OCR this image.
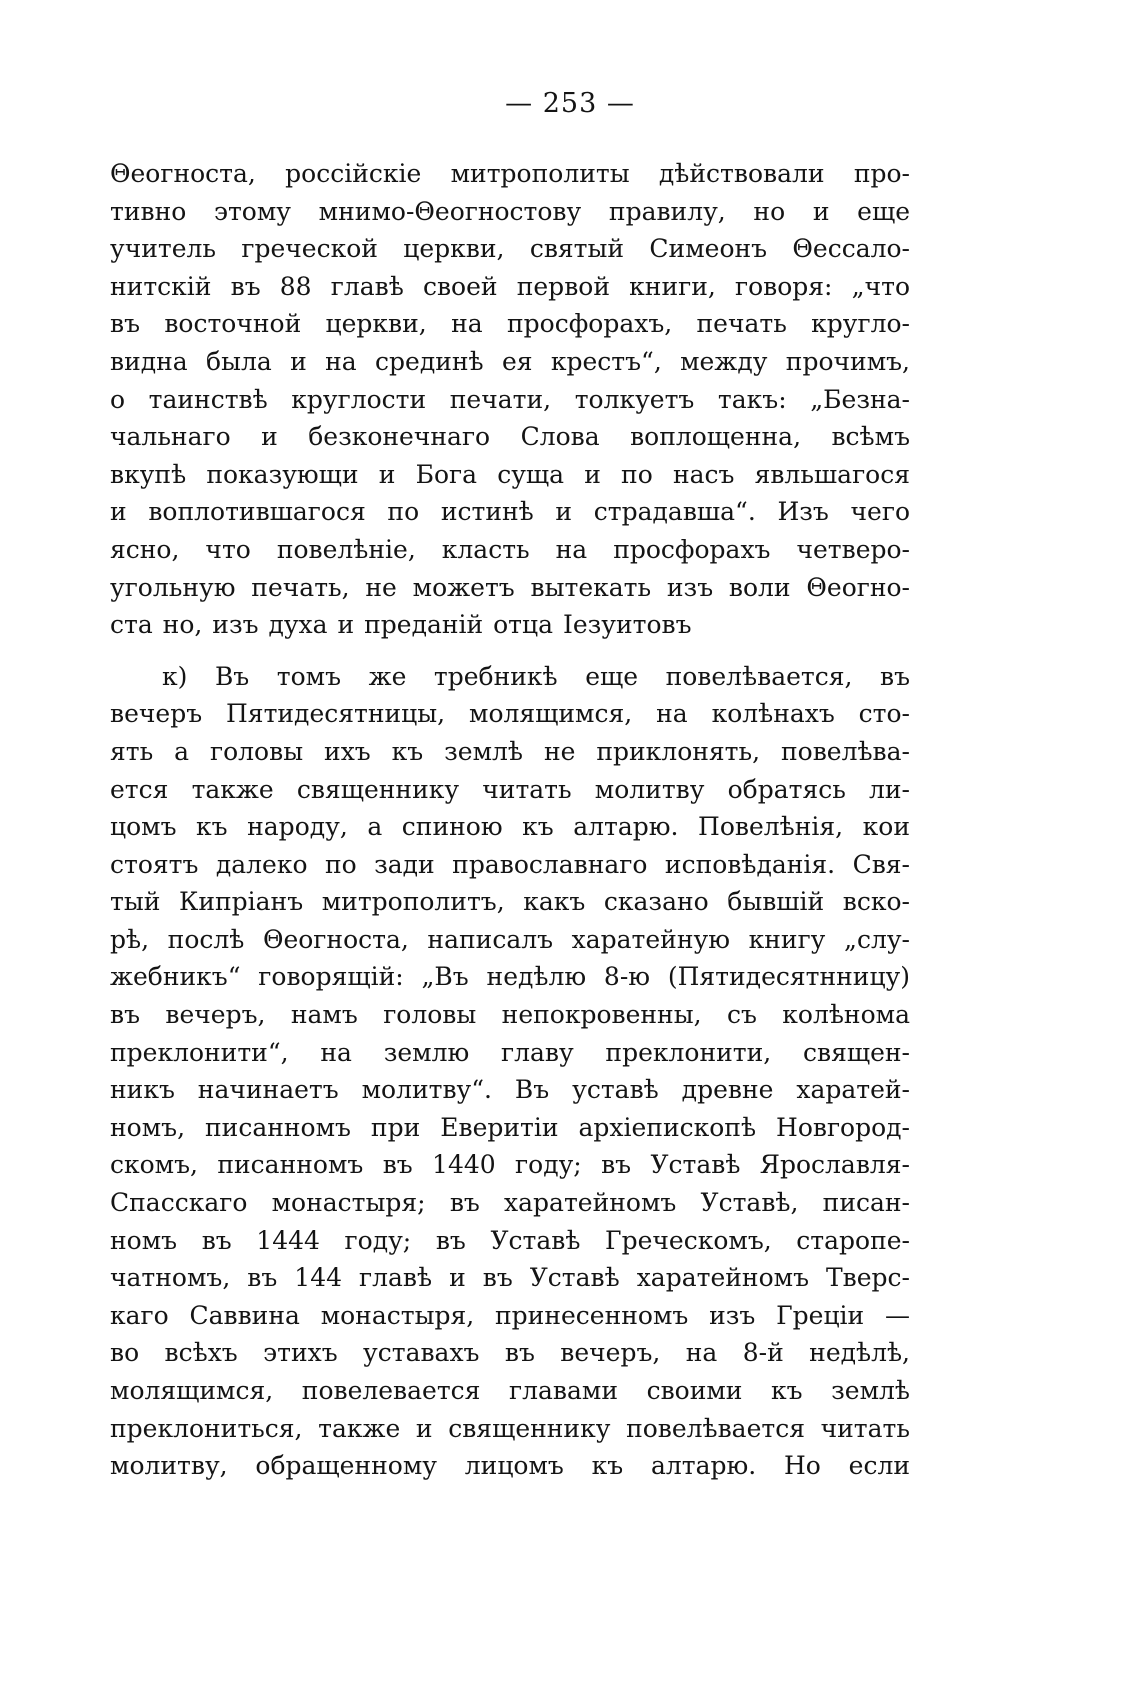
— 253 —
Θеогноста, россійскіе митрополиты дѣйствовали про-
тивно этому мнимо-Θеогностову правилу, но и еще
учитель греческой церкви, святый Симеонъ Θессало-
нитскій въ 88 главѣ своей первой книги, говоря: „что
въ восточной церкви, на просфорахъ, печать кругло-
видна была и на срединѣ ея крестъ“, между прочимъ,
о таинствѣ круглости печати, толкуетъ такъ: „Безна-
чальнаго и безконечнаго Слова воплощенна, всѣмъ
вкупѣ показующи и Бога суща и по насъ явльшагося
и воплотившагося по истинѣ и страдавша“. Изъ чего
ясно, что повелѣніе, класть на просфорахъ четверо-
угольную печать, не можетъ вытекать изъ воли Θеогно-
ста но, изъ духа и преданій отца Іезуитовъ
к) Въ томъ же требникѣ еще повелѣвается, въ
вечеръ Пятидесятницы, молящимся, на колѣнахъ сто-
ять а головы ихъ къ землѣ не приклонять, повелѣва-
ется также священнику читать молитву обратясь ли-
цомъ къ народу, а спиною къ алтарю. Повелѣнія, кои
стоятъ далеко по зади православнаго исповѣданія. Свя-
тый Кипріанъ митрополитъ, какъ сказано бывшій вско-
рѣ, послѣ Θеогноста, написалъ харатейную книгу „слу-
жебникъ“ говорящій: „Въ недѣлю 8-ю (Пятидесятнницу)
въ вечеръ, намъ головы непокровенны, съ колѣнома
преклонити“, на землю главу преклонити, священ-
никъ начинаетъ молитву“. Въ уставѣ древне харатей-
номъ, писанномъ при Еверитіи архіепископѣ Новгород-
скомъ, писанномъ въ 1440 году; въ Уставѣ Ярославля-
Спасскаго монастыря; въ харатейномъ Уставѣ, писан-
номъ въ 1444 году; въ Уставѣ Греческомъ, старопе-
чатномъ, въ 144 главѣ и въ Уставѣ харатейномъ Тверс-
каго Саввина монастыря, принесенномъ изъ Греціи —
во всѣхъ этихъ уставахъ въ вечеръ, на 8-й недѣлѣ,
молящимся, повелевается главами своими къ землѣ
преклониться, также и священнику повелѣвается читать
молитву, обращенному лицомъ къ алтарю. Но если
